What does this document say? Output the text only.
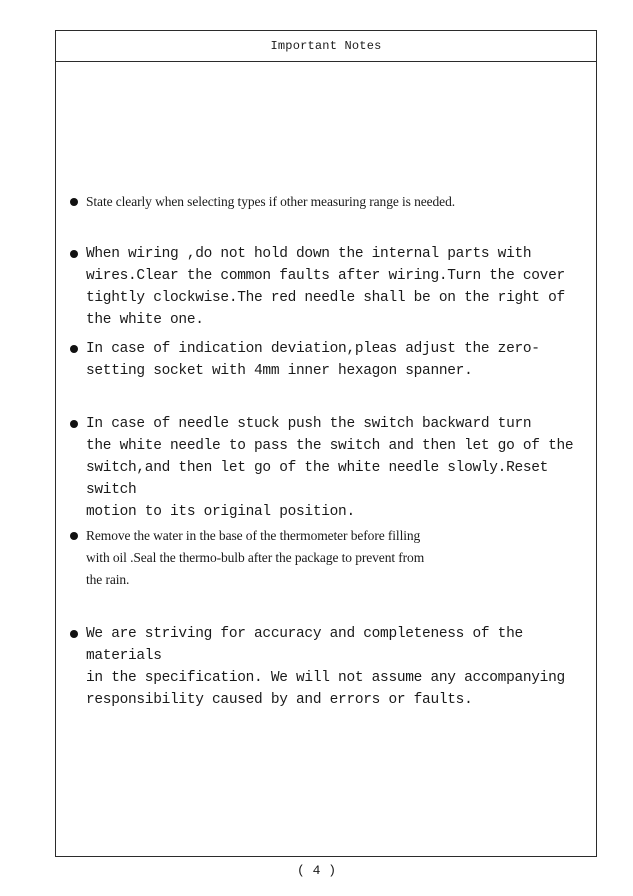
Important Notes
State clearly when selecting types if other measuring range is needed.
When wiring ,do not hold down the internal parts with
wires.Clear the common faults after wiring.Turn the cover
tightly clockwise.The red needle shall be on the right of
the white one.
In case of indication deviation,pleas adjust the zero-
setting socket with 4mm inner hexagon spanner.
In case of needle stuck push the switch backward turn
the white needle to pass the switch and then let go of the
switch,and then let go of the white needle slowly.Reset switch
motion to its original position.
Remove the water in the base of the thermometer before filling
with oil .Seal the thermo-bulb after the package to prevent from
the rain.
We are striving for accuracy and completeness of the materials
in the specification. We will not assume any accompanying
responsibility caused by and errors or faults.
( 4 )
